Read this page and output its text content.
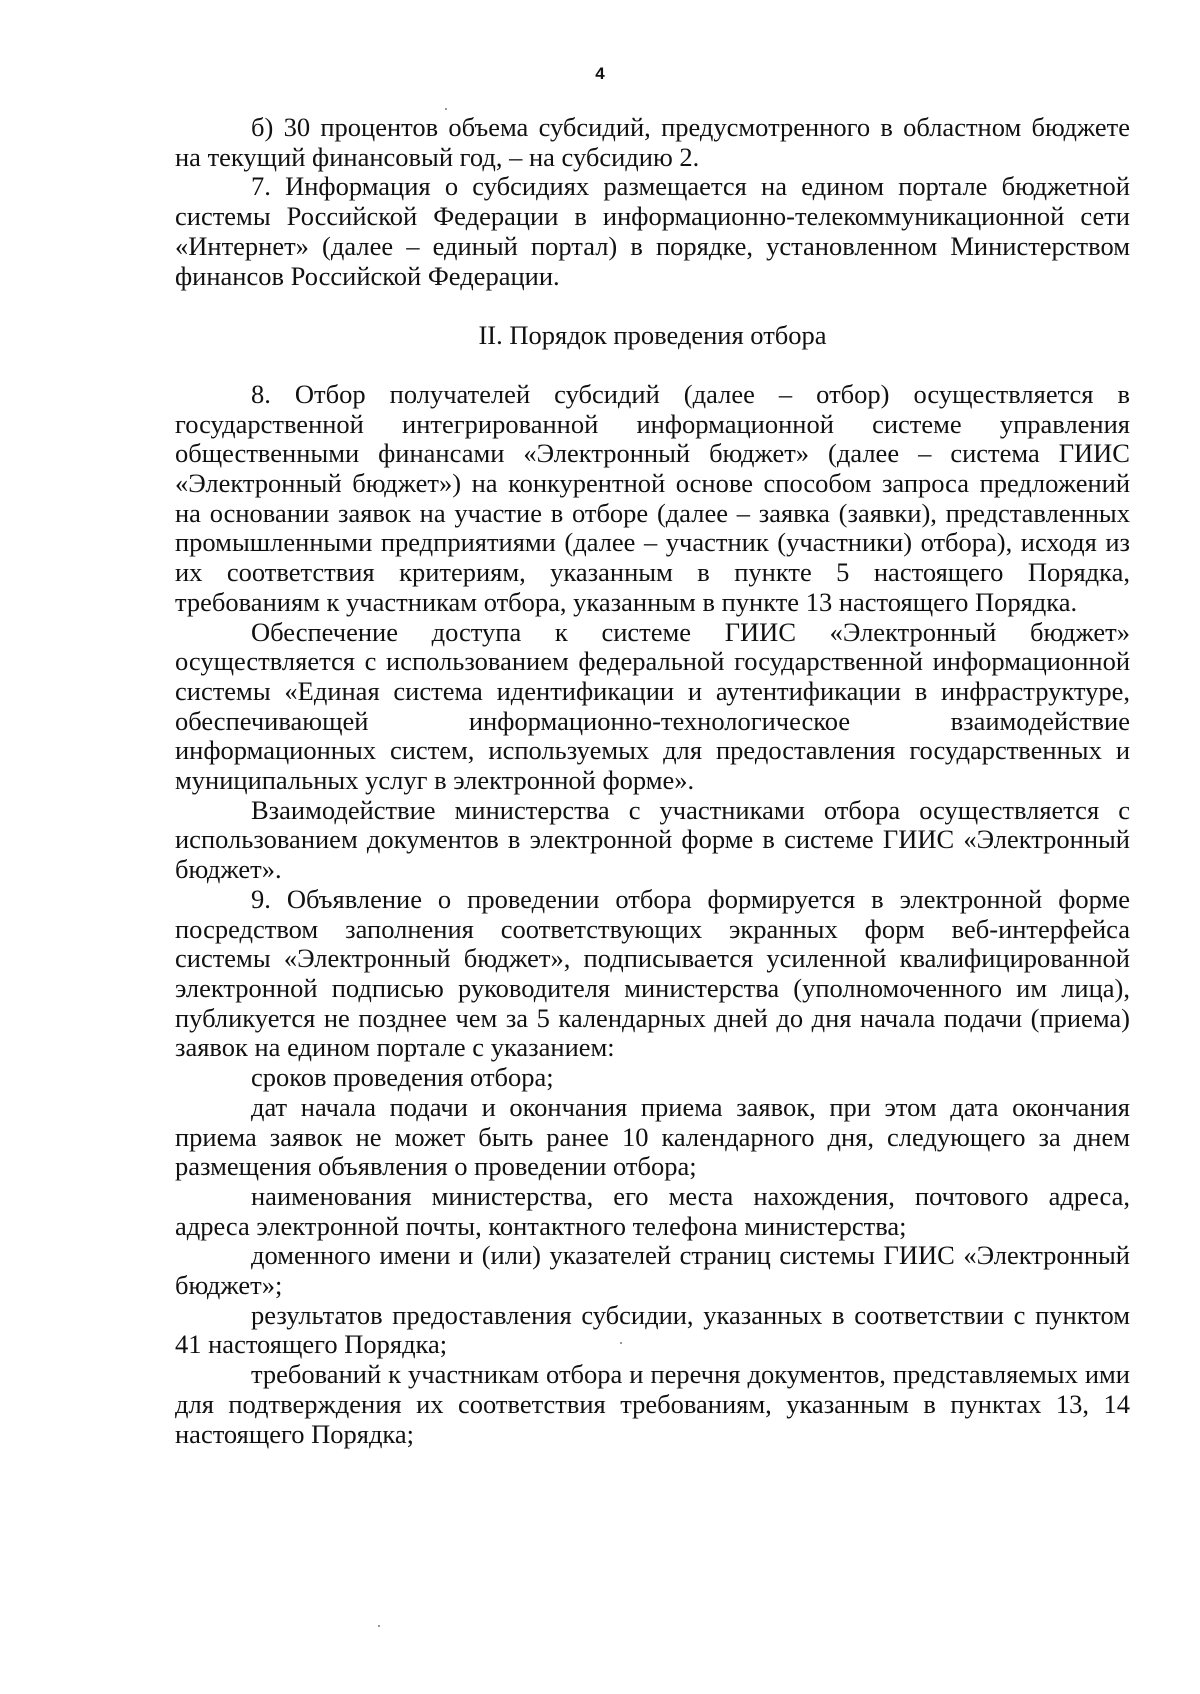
4

б) 30 процентов объема субсидий, предусмотренного в областном бюджете на текущий финансовый год, – на субсидию 2.

7. Информация о субсидиях размещается на едином портале бюджетной системы Российской Федерации в информационно-телекоммуникационной сети «Интернет» (далее – единый портал) в порядке, установленном Министерством финансов Российской Федерации.

II. Порядок проведения отбора

8. Отбор получателей субсидий (далее – отбор) осуществляется в государственной интегрированной информационной системе управления общественными финансами «Электронный бюджет» (далее – система ГИИС «Электронный бюджет») на конкурентной основе способом запроса предложений на основании заявок на участие в отборе (далее – заявка (заявки), представленных промышленными предприятиями (далее – участник (участники) отбора), исходя из их соответствия критериям, указанным в пункте 5 настоящего Порядка, требованиям к участникам отбора, указанным в пункте 13 настоящего Порядка.

Обеспечение доступа к системе ГИИС «Электронный бюджет» осуществляется с использованием федеральной государственной информационной системы «Единая система идентификации и аутентификации в инфраструктуре, обеспечивающей информационно-технологическое взаимодействие информационных систем, используемых для предоставления государственных и муниципальных услуг в электронной форме».

Взаимодействие министерства с участниками отбора осуществляется с использованием документов в электронной форме в системе ГИИС «Электронный бюджет».

9. Объявление о проведении отбора формируется в электронной форме посредством заполнения соответствующих экранных форм веб-интерфейса системы «Электронный бюджет», подписывается усиленной квалифицированной электронной подписью руководителя министерства (уполномоченного им лица), публикуется не позднее чем за 5 календарных дней до дня начала подачи (приема) заявок на едином портале с указанием:

сроков проведения отбора;

дат начала подачи и окончания приема заявок, при этом дата окончания приема заявок не может быть ранее 10 календарного дня, следующего за днем размещения объявления о проведении отбора;

наименования министерства, его места нахождения, почтового адреса, адреса электронной почты, контактного телефона министерства;

доменного имени и (или) указателей страниц системы ГИИС «Электронный бюджет»;

результатов предоставления субсидии, указанных в соответствии с пунктом 41 настоящего Порядка;

требований к участникам отбора и перечня документов, представляемых ими для подтверждения их соответствия требованиям, указанным в пунктах 13, 14 настоящего Порядка;
